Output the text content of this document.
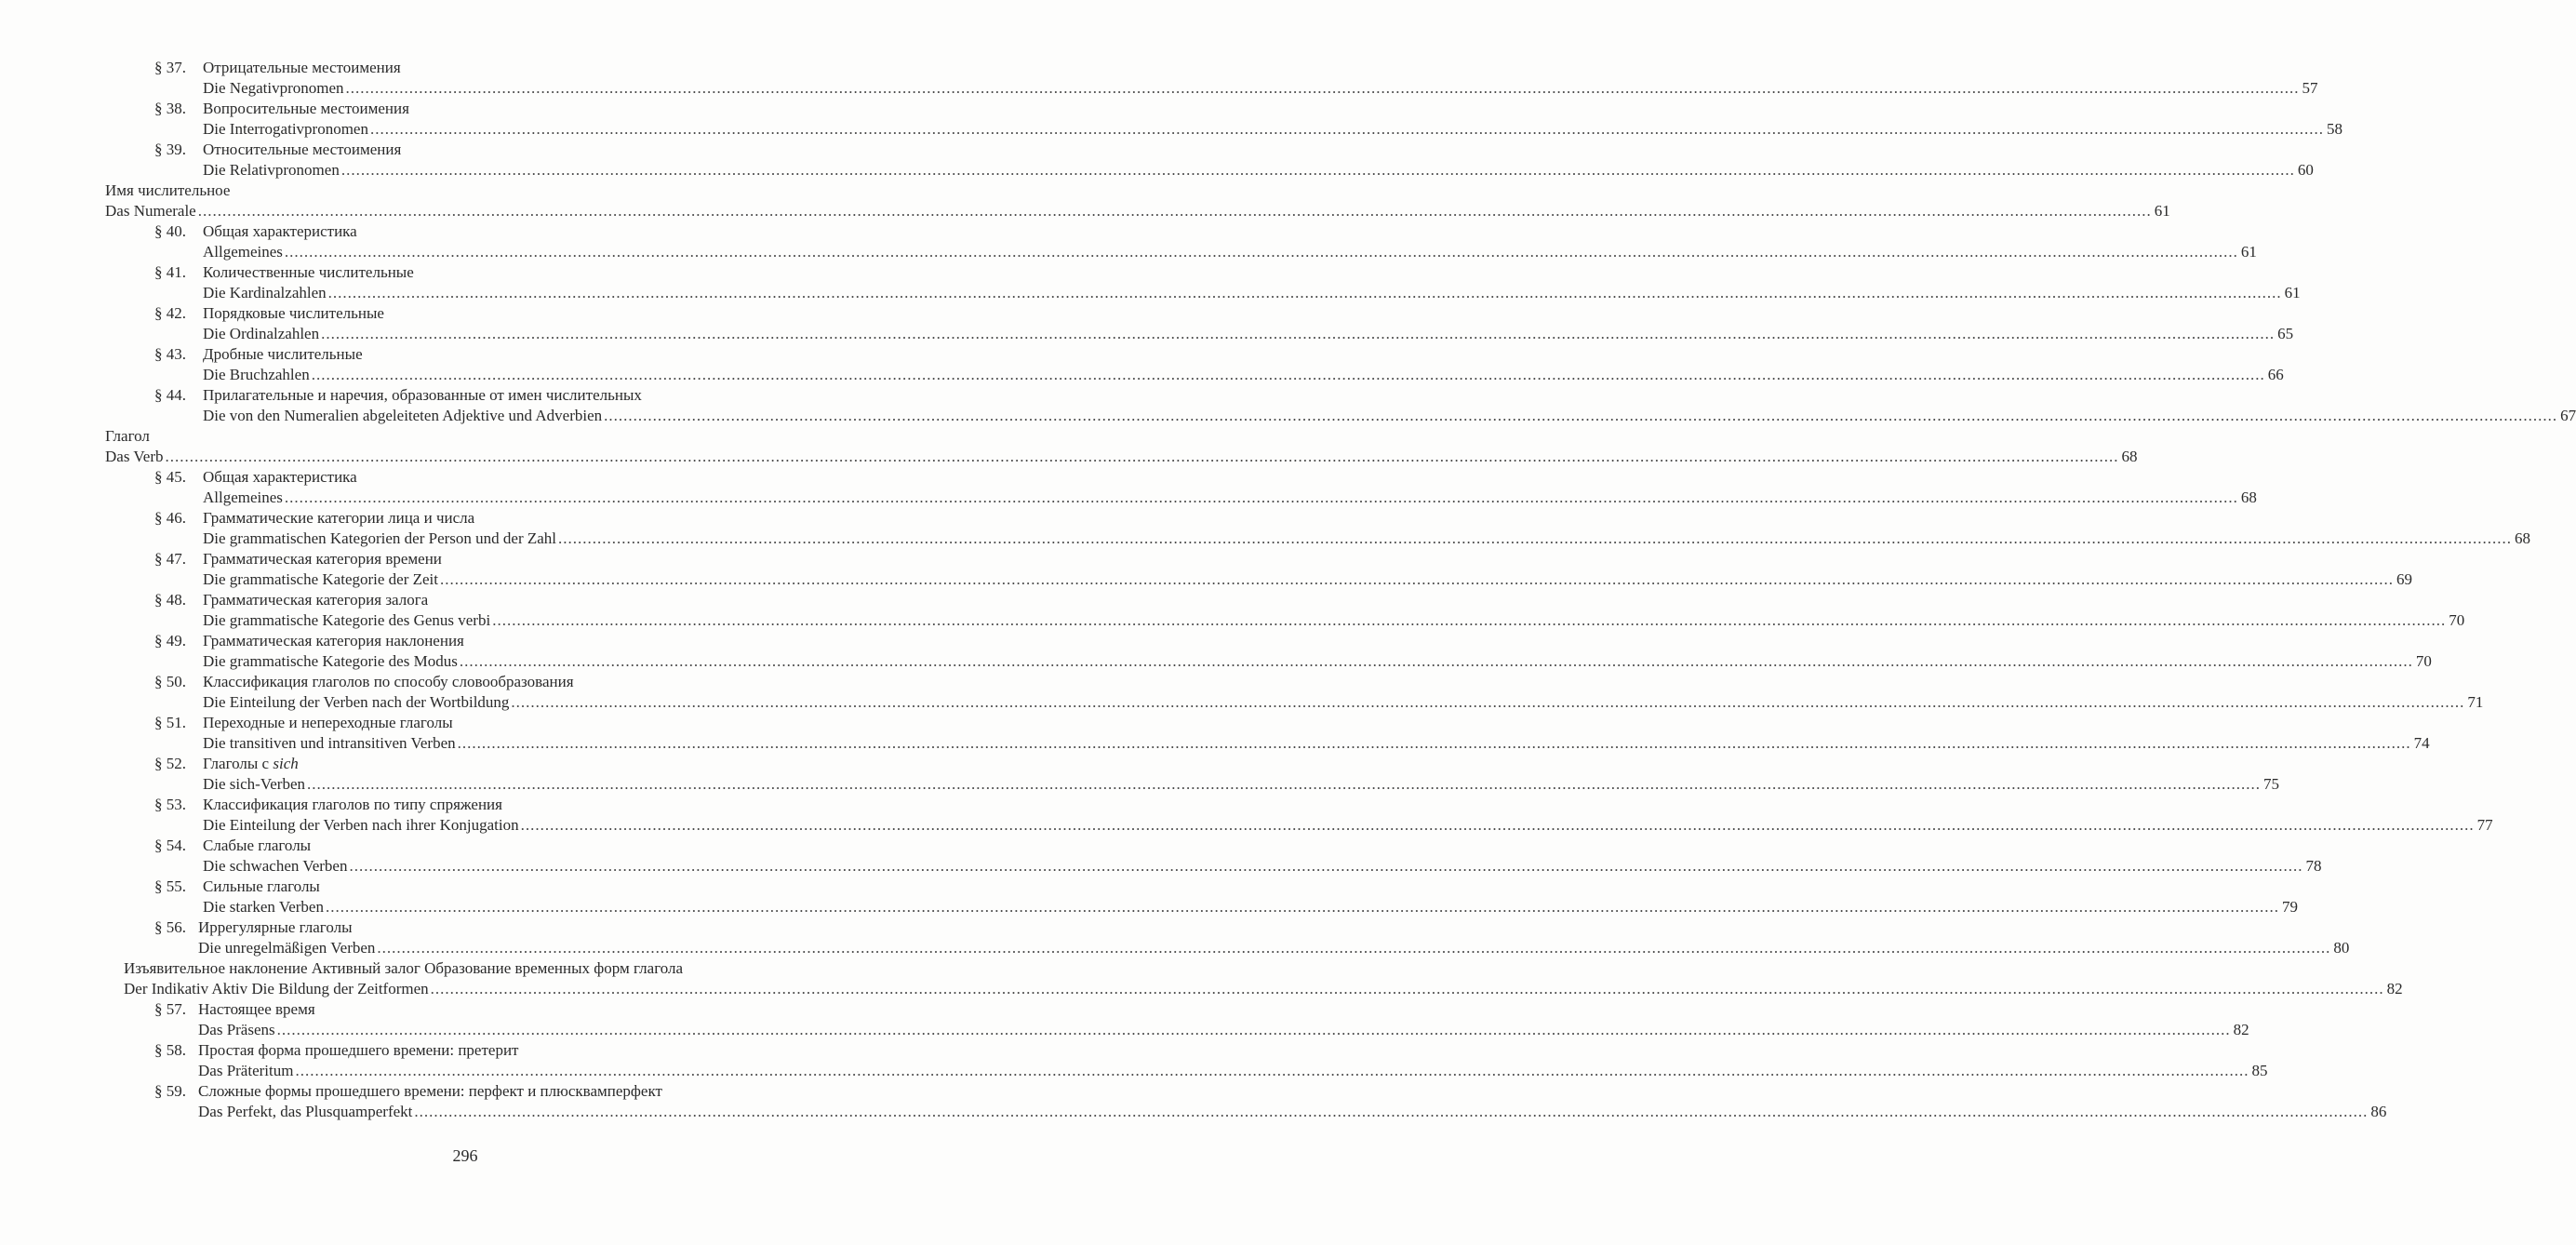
§ 37. Отрицательные местоимения
Die Negativpronomen ................................................................................................................................................................................................................................................................................................................................................................................................................ 57
§ 38. Вопросительные местоимения
Die Interrogativpronomen ................................................................................................................................................................................................................................................................................................................................................................................................................ 58
§ 39. Относительные местоимения
Die Relativpronomen ................................................................................................................................................................................................................................................................................................................................................................................................................ 60
Имя числительное
Das Numerale ................................................................................................................................................................................................................................................................................................................................................................................................................ 61
§ 40. Общая характеристика
Allgemeines ................................................................................................................................................................................................................................................................................................................................................................................................................ 61
§ 41. Количественные числительные
Die Kardinalzahlen ................................................................................................................................................................................................................................................................................................................................................................................................................ 61
§ 42. Порядковые числительные
Die Ordinalzahlen ................................................................................................................................................................................................................................................................................................................................................................................................................ 65
§ 43. Дробные числительные
Die Bruchzahlen ................................................................................................................................................................................................................................................................................................................................................................................................................ 66
§ 44. Прилагательные и наречия, образованные от имен числительных
Die von den Numeralien abgeleiteten Adjektive und Adverbien ................................................................................................................................................................................................................................................................................................................................................................................................................ 67
Глагол
Das Verb ................................................................................................................................................................................................................................................................................................................................................................................................................ 68
§ 45. Общая характеристика
Allgemeines ................................................................................................................................................................................................................................................................................................................................................................................................................ 68
§ 46. Грамматические категории лица и числа
Die grammatischen Kategorien der Person und der Zahl ................................................................................................................................................................................................................................................................................................................................................................................................................ 68
§ 47. Грамматическая категория времени
Die grammatische Kategorie der Zeit ................................................................................................................................................................................................................................................................................................................................................................................................................ 69
§ 48. Грамматическая категория залога
Die grammatische Kategorie des Genus verbi ................................................................................................................................................................................................................................................................................................................................................................................................................ 70
§ 49. Грамматическая категория наклонения
Die grammatische Kategorie des Modus ................................................................................................................................................................................................................................................................................................................................................................................................................ 70
§ 50. Классификация глаголов по способу словообразования
Die Einteilung der Verben nach der Wortbildung ................................................................................................................................................................................................................................................................................................................................................................................................................ 71
§ 51. Переходные и непереходные глаголы
Die transitiven und intransitiven Verben ................................................................................................................................................................................................................................................................................................................................................................................................................ 74
§ 52. Глаголы с sich
Die sich-Verben ................................................................................................................................................................................................................................................................................................................................................................................................................ 75
§ 53. Классификация глаголов по типу спряжения
Die Einteilung der Verben nach ihrer Konjugation ................................................................................................................................................................................................................................................................................................................................................................................................................ 77
§ 54. Слабые глаголы
Die schwachen Verben ................................................................................................................................................................................................................................................................................................................................................................................................................ 78
§ 55. Сильные глаголы
Die starken Verben ................................................................................................................................................................................................................................................................................................................................................................................................................ 79
§ 56. Иррегулярные глаголы
Die unregelmäßigen Verben ................................................................................................................................................................................................................................................................................................................................................................................................................ 80
Изъявительное наклонение Активный залог Образование временных форм глагола
Der Indikativ Aktiv Die Bildung der Zeitformen ................................................................................................................................................................................................................................................................................................................................................................................................................ 82
§ 57. Настоящее время
Das Präsens ................................................................................................................................................................................................................................................................................................................................................................................................................ 82
§ 58. Простая форма прошедшего времени: претерит
Das Präteritum ................................................................................................................................................................................................................................................................................................................................................................................................................ 85
§ 59. Сложные формы прошедшего времени: перфект и плюсквамперфект
Das Perfekt, das Plusquamperfekt ................................................................................................................................................................................................................................................................................................................................................................................................................ 86
296
